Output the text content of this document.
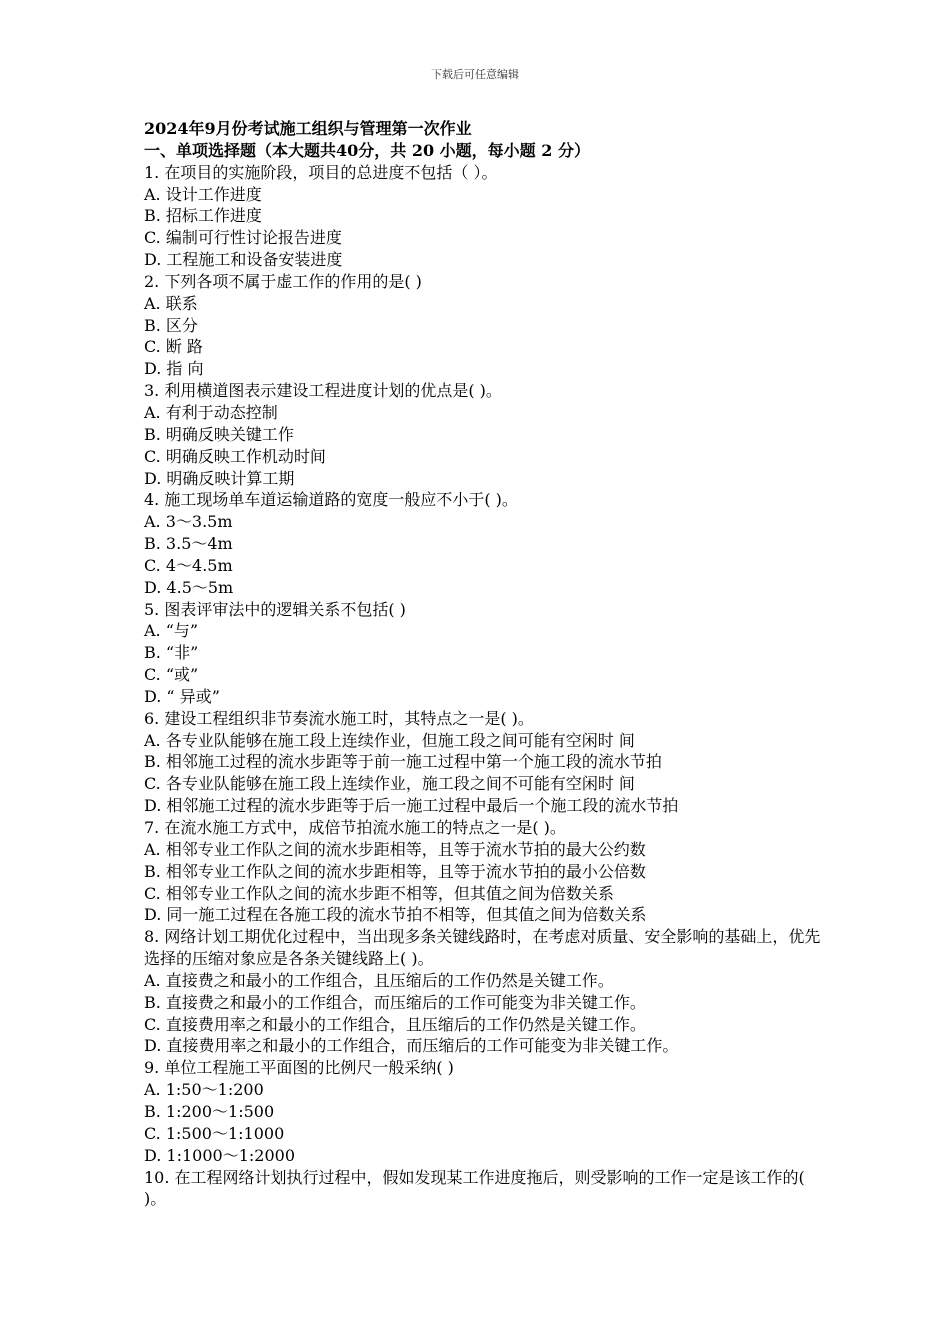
下载后可任意编辑
2024年9月份考试施工组织与管理第一次作业
一、单项选择题（本大题共40分，共 20 小题，每小题 2 分）
1. 在项目的实施阶段，项目的总进度不包括（ ）。
A. 设计工作进度
B. 招标工作进度
C. 编制可行性讨论报告进度
D. 工程施工和设备安装进度
2. 下列各项不属于虚工作的作用的是( )
A. 联系
B. 区分
C. 断 路
D. 指 向
3. 利用横道图表示建设工程进度计划的优点是( )。
A. 有利于动态控制
B. 明确反映关键工作
C. 明确反映工作机动时间
D. 明确反映计算工期
4. 施工现场单车道运输道路的宽度一般应不小于( )。
A. 3～3.5m
B. 3.5～4m
C. 4～4.5m
D. 4.5～5m
5. 图表评审法中的逻辑关系不包括( )
A. “与”
B. “非”
C. “或”
D. “ 异或”
6. 建设工程组织非节奏流水施工时，其特点之一是( )。
A. 各专业队能够在施工段上连续作业，但施工段之间可能有空闲时 间
B. 相邻施工过程的流水步距等于前一施工过程中第一个施工段的流水节拍
C. 各专业队能够在施工段上连续作业，施工段之间不可能有空闲时 间
D. 相邻施工过程的流水步距等于后一施工过程中最后一个施工段的流水节拍
7. 在流水施工方式中，成倍节拍流水施工的特点之一是( )。
A. 相邻专业工作队之间的流水步距相等，且等于流水节拍的最大公约数
B. 相邻专业工作队之间的流水步距相等，且等于流水节拍的最小公倍数
C. 相邻专业工作队之间的流水步距不相等，但其值之间为倍数关系
D. 同一施工过程在各施工段的流水节拍不相等，但其值之间为倍数关系
8. 网络计划工期优化过程中，当出现多条关键线路时，在考虑对质量、安全影响的基础上，优先选择的压缩对象应是各条关键线路上( )。
A. 直接费之和最小的工作组合，且压缩后的工作仍然是关键工作。
B. 直接费之和最小的工作组合，而压缩后的工作可能变为非关键工作。
C. 直接费用率之和最小的工作组合，且压缩后的工作仍然是关键工作。
D. 直接费用率之和最小的工作组合，而压缩后的工作可能变为非关键工作。
9. 单位工程施工平面图的比例尺一般采纳( )
A. 1:50～1:200
B. 1:200～1:500
C. 1:500～1:1000
D. 1:1000～1:2000
10. 在工程网络计划执行过程中，假如发现某工作进度拖后，则受影响的工作一定是该工作的( )。
